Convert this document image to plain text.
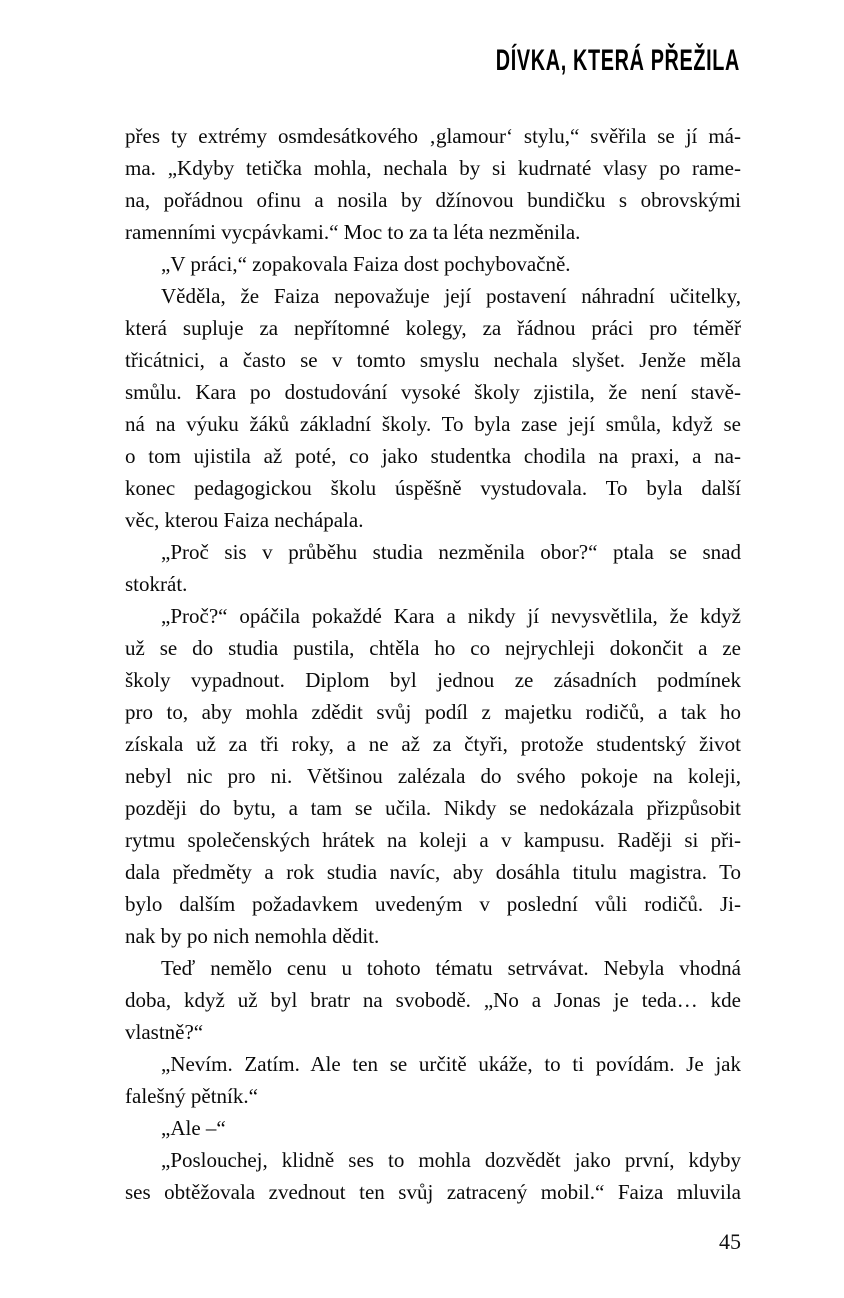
DÍVKA, KTERÁ PŘEŽILA
přes ty extrémy osmdesátkového ‚glamour‘ stylu,“ svěřila se jí má-
ma. „Kdyby tetička mohla, nechala by si kudrnaté vlasy po rame-
na, pořádnou ofinu a nosila by džínovou bundičku s obrovskými
ramenními vycpávkami.“ Moc to za ta léta nezměnila.
„V práci,“ zopakovala Faiza dost pochybovačně.
Věděla, že Faiza nepovažuje její postavení náhradní učitelky,
která supluje za nepřítomné kolegy, za řádnou práci pro téměř
třicátnici, a často se v tomto smyslu nechala slyšet. Jenže měla
smůlu. Kara po dostudování vysoké školy zjistila, že není stavě-
ná na výuku žáků základní školy. To byla zase její smůla, když se
o tom ujistila až poté, co jako studentka chodila na praxi, a na-
konec pedagogickou školu úspěšně vystudovala. To byla další
věc, kterou Faiza nechápala.
„Proč sis v průběhu studia nezměnila obor?“ ptala se snad
stokrát.
„Proč?“ opáčila pokaždé Kara a nikdy jí nevysvětlila, že když
už se do studia pustila, chtěla ho co nejrychleji dokončit a ze
školy vypadnout. Diplom byl jednou ze zásadních podmínek
pro to, aby mohla zdědit svůj podíl z majetku rodičů, a tak ho
získala už za tři roky, a ne až za čtyři, protože studentský život
nebyl nic pro ni. Většinou zalézala do svého pokoje na koleji,
později do bytu, a tam se učila. Nikdy se nedokázala přizpůsobit
rytmu společenských hrátek na koleji a v kampusu. Raději si při-
dala předměty a rok studia navíc, aby dosáhla titulu magistra. To
bylo dalším požadavkem uvedeným v poslední vůli rodičů. Ji-
nak by po nich nemohla dědit.
Teď nemělo cenu u tohoto tématu setrvávat. Nebyla vhodná
doba, když už byl bratr na svobodě. „No a Jonas je teda… kde
vlastně?“
„Nevím. Zatím. Ale ten se určitě ukáže, to ti povídám. Je jak
falešný pětník.“
„Ale –“
„Poslouchej, klidně ses to mohla dozvědět jako první, kdyby
ses obtěžovala zvednout ten svůj zatracený mobil.“ Faiza mluvila
45
